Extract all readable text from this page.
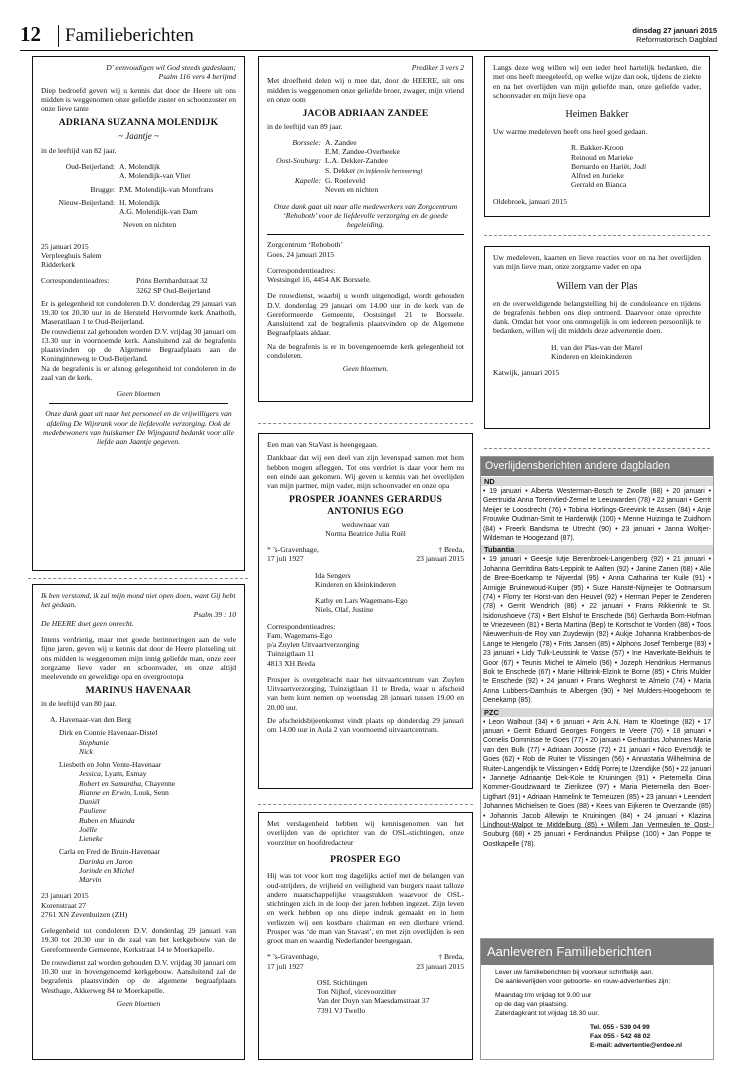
12 Familieberichten	dinsdag 27 januari 2015
Reformatorisch Dagblad

D’ eenvoudigen wil God steeds gadeslaan;

Psalm 116 vers 4 berijmd

Diep bedroefd geven wij u kennis dat door de Heere uit ons midden is weggenomen onze geliefde zuster en schoonzuster en onze lieve tante

ADRIANA SUZANNA MOLENDIJK

~ Jaantje ~

in de leeftijd van 82 jaar.

Oud-Beijerland: A. Molendijk
A. Molendijk-van Vliet
Brugge: P.M. Molendijk-van Montfrans
Nieuw-Beijerland: H. Molendijk
A.G. Molendijk-van Dam

Neven en nichten

25 januari 2015

Verpleeghuis Salem

Ridderkerk

Correspondentieadres:	Prins Bernhardstraat 32
3262 SP Oud-Beijerland

Er is gelegenheid tot condoleren D.V. donderdag 29 januari van 19.30 tot 20.30 uur in de Hersteld Hervormde kerk Anathoth, Maseratilaan 1 te Oud-Beijerland.

De rouwdienst zal gehouden worden D.V. vrijdag 30 januari om 13.30 uur in voornoemde kerk. Aansluitend zal de begrafenis plaatsvinden op de Algemene Begraafplaats aan de Koninginneweg te Oud-Beijerland.

Na de begrafenis is er alsnog gelegenheid tot condoleren in de zaal van de kerk.

Geen bloemen

Onze dank gaat uit naar het personeel en de vrijwilligers van afdeling De Wijnrank voor de liefdevolle verzorging. Ook de medebewoners van huiskamer De Wijngaard bedankt voor alle liefde aan Jaantje gegeven.

Prediker 3 vers 2

Met droefheid delen wij u mee dat, door de HEERE, uit ons midden is weggenomen onze geliefde broer, zwager, mijn vriend en onze oom

JACOB ADRIAAN ZANDEE

in de leeftijd van 89 jaar.

Borssele: A. Zandee
E.M. Zandee-Overbeeke
Oost-Souburg: L.A. Dekker-Zandee
S. Dekker (in liefdevolle herinnering)
Kapelle: G. Roeleveld
Neven en nichten

Onze dank gaat uit naar alle medewerkers van Zorgcentrum ‘Rehoboth’ voor de liefdevolle verzorging en de goede begeleiding.

Zorgcentrum ‘Rehoboth’

Goes, 24 januari 2015

Correspondentieadres:

Westsingel 16, 4454 AK Borssele.

De rouwdienst, waarbij u wordt uitgenodigd, wordt gehouden D.V. donderdag 29 januari om 14.00 uur in de kerk van de Gereformeerde Gemeente, Oostsingel 21 te Borssele. Aansluitend zal de begrafenis plaatsvinden op de Algemene Begraafplaats aldaar.

Na de begrafenis is er in bovengenoemde kerk gelegenheid tot condoleren.

Geen bloemen.

Langs deze weg willen wij een ieder heel hartelijk bedanken, die met ons heeft meegeleefd, op welke wijze dan ook, tijdens de ziekte en na het overlijden van mijn geliefde man, onze geliefde vader, schoonvader en mijn lieve opa

Heimen Bakker

Uw warme medeleven heeft ons heel goed gedaan.

R. Bakker-Kroon

Reinoud en Marieke

Bernardo en Hariët, Jodi

Alfred en Jurieke

Gerrald en Bianca

Oldebroek, januari 2015

Uw medeleven, kaarten en lieve reacties voor en na het overlijden van mijn lieve man, onze zorgzame vader en opa

Willem van der Plas

en de overweldigende belangstelling bij de condoleance en tijdens de begrafenis hebben ons diep ontroerd. Daarvoor onze oprechte dank. Omdat het voor ons onmogelijk is om iedereen persoonlijk te bedanken, willen wij dit middels deze advertentie doen.

H. van der Plas-van der Marel

Kinderen en kleinkinderen

Katwijk, januari 2015

Een man van StaVast is heengegaan.

Dankbaar dat wij een deel van zijn levenspad samen met hem hebben mogen afleggen. Tot ons verdriet is daar voor hem nu een einde aan gekomen. Wij geven u kennis van het overlijden van mijn partner, mijn vader, mijn schoonvader en onze opa

PROSPER JOANNES GERARDUS
ANTONIUS EGO

weduwnaar van

Norma Beatrice Julia Ruël

* ’s-Gravenhage,
17 juli 1927
† Breda,
23 januari 2015

Ida Sengers

Kinderen en kleinkinderen

Kathy en Lars Wagemans-Ego

Niels, Olaf, Justine

Correspondentieadres:

Fam. Wagemans-Ego

p/a Zuylen Uitvaartverzorging

Tuinzigtlaan 11

4813 XH Breda

Prosper is overgebracht naar het uitvaartcentrum van Zuylen Uitvaartverzorging, Tuinzigtlaan 11 te Breda, waar u afscheid van hem kunt nemen op woensdag 28 januari tussen 19.00 en 20.00 uur.

De afscheidsbijeenkomst vindt plaats op donderdag 29 januari om 14.00 uur in Aula 2 van voornoemd uitvaartcentrum.

Ik ben verstomd, ik zal mijn mond niet open doen, want Gij hebt het gedaan.

Psalm 39 : 10

De HEERE doet geen onrecht.

Intens verdrietig, maar met goede herinneringen aan de vele fijne jaren, geven wij u kennis dat door de Heere plotseling uit ons midden is weggenomen mijn innig geliefde man, onze zeer zorgzame lieve vader en schoonvader, en onze altijd meelevende en geweldige opa en overgrootopa

MARINUS HAVENAAR

in de leeftijd van 80 jaar.

A. Havenaar-van den Berg

Dirk en Connie Havenaar-Distel

Stephanie

Nick

Liesbeth en John Vente-Havenaar

Jessica, Lyam, Esmay

Robert en Samantha, Chayenne

Rianne en Erwin, Luuk, Senn

Daniël

Pauliene

Ruben en Muanda

Joëlle

Lieneke

Carla en Fred de Bruin-Havenaar

Darinka en Jaron

Jorinde en Michel

Marvin

23 januari 2015

Korenstraat 27

2761 XN Zevenhuizen (ZH)

Gelegenheid tot condoleren D.V. donderdag 29 januari van 19.30 tot 20.30 uur in de zaal van het kerkgebouw van de Gereformeerde Gemeente, Kerkstraat 14 te Moerkapelle.

De rouwdienst zal worden gehouden D.V. vrijdag 30 januari om 10.30 uur in bovengenoemd kerkgebouw. Aansluitend zal de begrafenis plaatsvinden op de algemene begraafplaats Westhage, Akkerweg 84 te Moerkapelle.

Geen bloemen

Met verslagenheid hebben wij kennisgenomen van het overlijden van de oprichter van de OSL-stichtingen, onze voorzitter en hoofdredacteur

PROSPER EGO

Hij was tot voor kort nog dagelijks actief met de belangen van oud-strijders, de vrijheid en veiligheid van burgers naast talloze andere maatschappelijke vraagstukken waarvoor de OSL-stichtingen zich in de loop der jaren hebben ingezet. Zijn leven en werk hebben op ons diepe indruk gemaakt en in hem verliezen wij een kostbare chairman en een dierbare vriend. Prosper was ‘de man van Stavast’, en met zijn overlijden is een groot man en waardig Nederlander heengegaan.

* ’s-Gravenhage,
17 juli 1927
† Breda,
23 januari 2015

OSL Stichtingen

Ton Nijhof, vicevoorzitter

Van der Duyn van Maesdamstraat 37

7391 VJ Twello

Overlijdensberichten andere dagbladen
ND

• 19 januari • Alberta Westerman-Bosch te Zwolle (88) • 20 januari • Geertruida Anna Torenvlied-Zemel te Leeuwarden (78) • 22 januari • Gerrit Meijer te Loosdrecht (76) • Tobina Horlings-Greevink te Assen (84) • Anje Frouwke Oudman-Smit te Harderwijk (100) • Menne Huizinga te Zuidhorn (84) • Freerk Bandsma te Utrecht (90) • 23 januari • Janna Woltjer-Wildeman te Hoogezand (87).

Tubantia

• 19 januari • Geesje Iutje Berenbroek-Langenberg (92) • 21 januari • Johanna Gerritdina Bats-Leppink te Aalten (92) • Janine Zanen (68) • Alie de Bree-Boerkamp te Nijverdal (95) • Anna Catharina ter Kuile (91) • Annigje Bruinewoud-Kuiper (95) • Suze Hanstë-Nijmeijer te Ootmarsum (74) • Florry ter Horst-van den Heuvel (92) • Herman Peper te Zenderen (78) • Gerrit Wendrich (86) • 22 januari • Frans Rikkerink te St. Isidorushoeve (73) • Bert Elshof te Enschede (56) Gerharda Bom-Hofman te Vriezeveen (81) • Berta Martina (Bep) te Kortschot te Vorden (88) • Toos Nieuwenhuis-de Roy van Zuydewijn (92) • Aukje Johanna Krabbenbos-de Lange te Hengelo (78) • Frits Jansen (85) • Alphons Josef Temberge (83) • 23 januari • Lidy Tulk-Leussink te Vasse (57) • Ine Haverkate-Bekhuis te Goor (67) • Teunis Michel te Almelo (96) • Jozeph Hendrikus Hermanus Bok te Enschede (67) • Marie Hilbrink-Elzink te Borne (85) • Chris Mulder te Enschede (92) • 24 januari • Frans Weghorst te Almelo (74) • Maria Anna Lubbers-Damhuis te Albergen (90) • Nel Mulders-Hoogeboom te Denekamp (85).

PZC

• Leon Walhout (34) • 6 januari • Aris A.N. Ham te Kloetinge (82) • 17 januari • Gerrit Eduard Georges Fongers te Veere (70) • 18 januari • Cornelis Dommisse te Goes (77) • 20 januari • Gerhardus Johannes Maria van den Bulk (77) • Adriaan Joosse (72) • 21 januari • Nico Eversdijk te Goes (62) • Rob de Ruiter te Vlissingen (56) • Annastatia Wilhelmina de Ruiter-Langendijk te Vlissingen • Eddij Porrej te IJzendijke (56) • 22 januari • Jannetje Adriaantje Dek-Kole te Kruiningen (91) • Pieternella Dina Kommer-Goudzwaard te Zierikzee (97) • Maria Pieternella den Boer-Ligthart (91) • Adriaan Hamelink te Terneuzen (85) • 23 januari • Leendert Johannes Michielsen te Goes (88) • Kees van Eijkeren te Overzande (85) • Johannis Jacob Allewijn te Kruiningen (84) • 24 januari • Klazina Lindhout-Walpot te Middelburg (85) • Willem Jan Vermeulen te Oost-Souburg (68) • 25 januari • Ferdinandus Philipse (100) • Jan Poppe te Oostkapelle (78).

Aanleveren Familieberichten

Lever uw familieberichten bij voorkeur schriftelijk aan.

De aanleverlijden voor geboorte- en rouw-advertenties zijn:

Maandag t/m vrijdag tot 9.00 uur

op de dag van plaatsing.

Zaterdagkrant tot vrijdag 18.30 uur.

Tel. 055 - 539 04 99

Fax 055 - 542 48 02

E-mail: advertentie@erdee.nl
